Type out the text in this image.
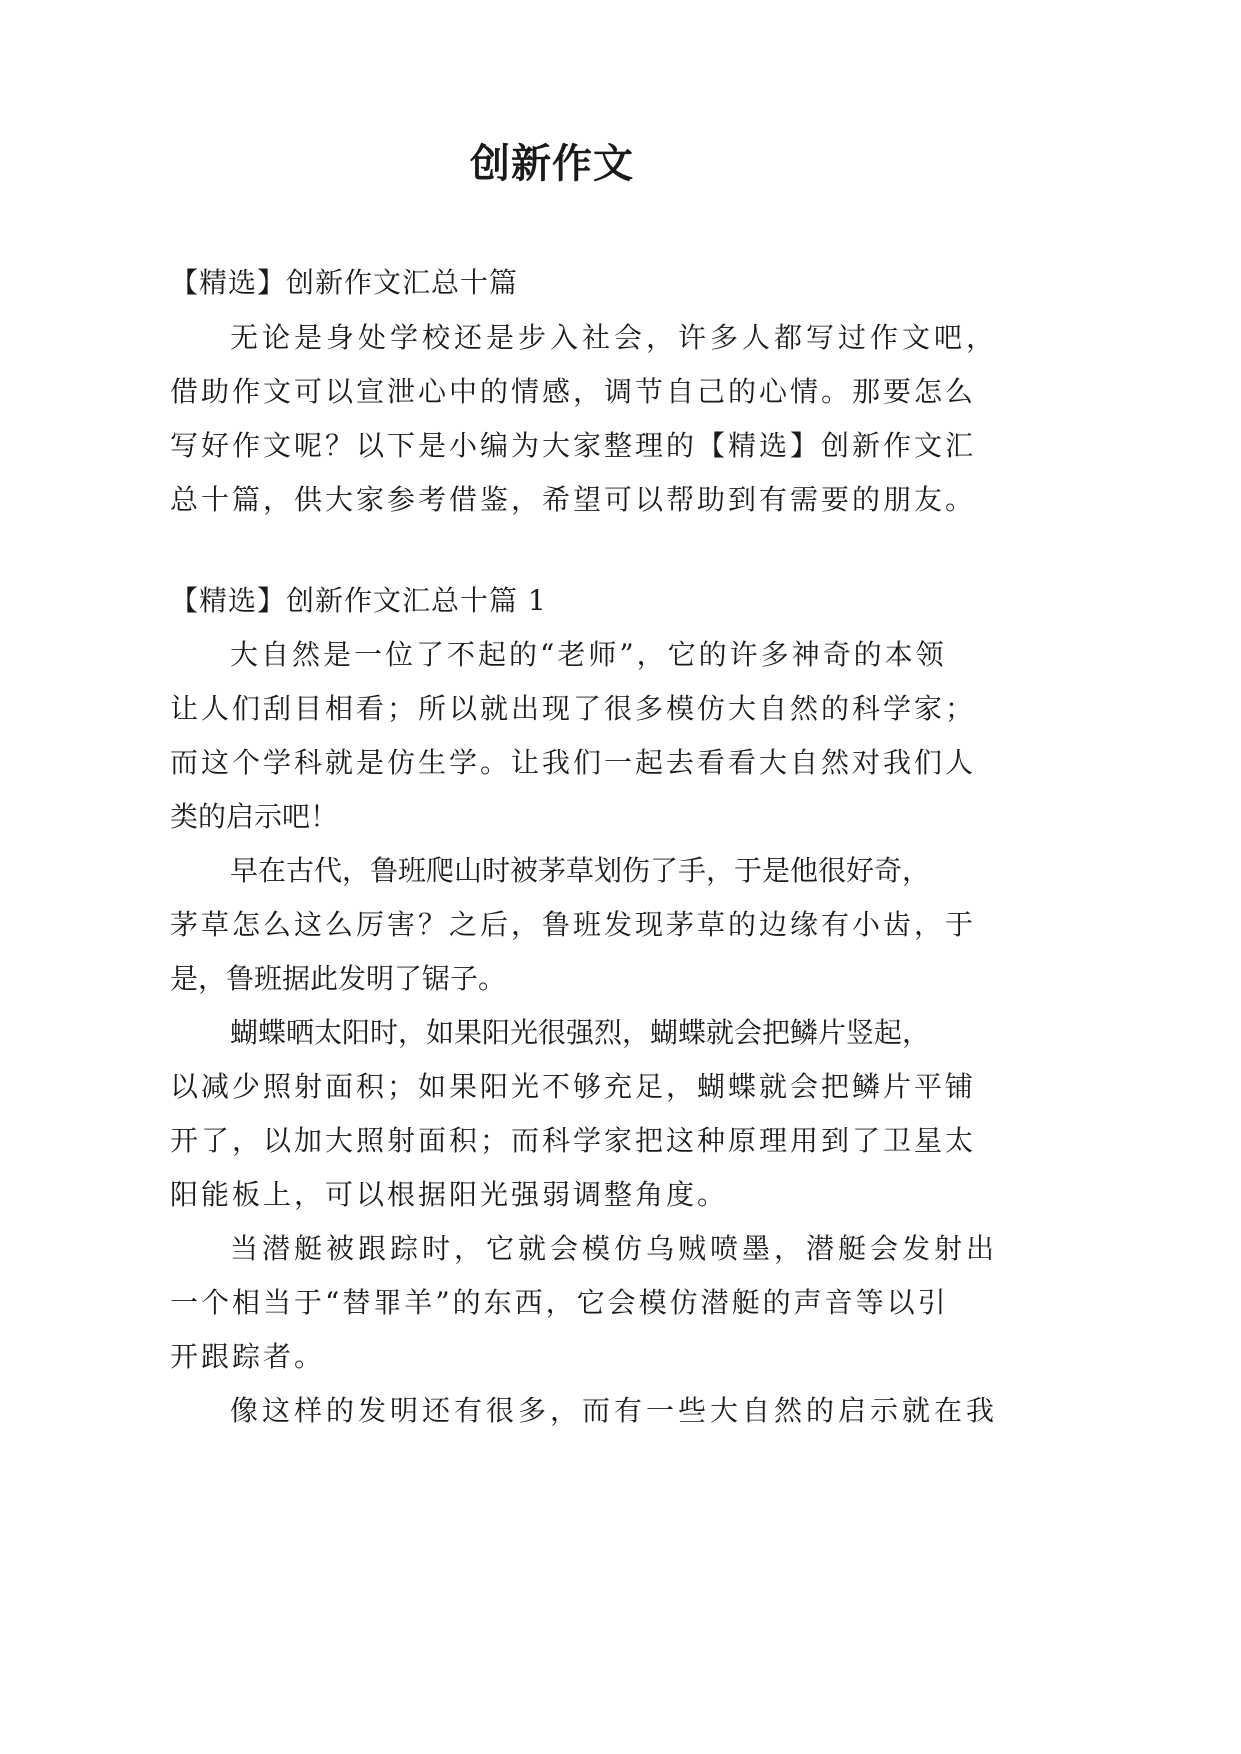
创新作文
【精选】创新作文汇总十篇
无论是身处学校还是步入社会，许多人都写过作文吧，
借助作文可以宣泄心中的情感，调节自己的心情。那要怎么
写好作文呢？以下是小编为大家整理的【精选】创新作文汇
总十篇，供大家参考借鉴，希望可以帮助到有需要的朋友。
【精选】创新作文汇总十篇 1
大自然是一位了不起的“老师”，它的许多神奇的本领
让人们刮目相看；所以就出现了很多模仿大自然的科学家；
而这个学科就是仿生学。让我们一起去看看大自然对我们人
类的启示吧！
早在古代，鲁班爬山时被茅草划伤了手，于是他很好奇，
茅草怎么这么厉害？之后，鲁班发现茅草的边缘有小齿，于
是，鲁班据此发明了锯子。
蝴蝶晒太阳时，如果阳光很强烈，蝴蝶就会把鳞片竖起，
以减少照射面积；如果阳光不够充足，蝴蝶就会把鳞片平铺
开了，以加大照射面积；而科学家把这种原理用到了卫星太
阳能板上，可以根据阳光强弱调整角度。
当潜艇被跟踪时，它就会模仿乌贼喷墨，潜艇会发射出
一个相当于“替罪羊”的东西，它会模仿潜艇的声音等以引
开跟踪者。
像这样的发明还有很多，而有一些大自然的启示就在我
